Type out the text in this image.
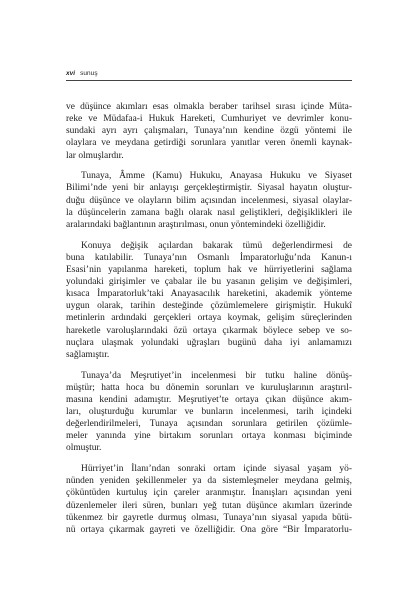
xvi sunuş
ve düşünce akımları esas olmakla beraber tarihsel sırası içinde Müta-
reke ve Müdafaa-i Hukuk Hareketi, Cumhuriyet ve devrimler konu-
sundaki ayrı ayrı çalışmaları, Tunaya’nın kendine özgü yöntemi ile
olaylara ve meydana getirdiği sorunlara yanıtlar veren önemli kaynak-
lar olmuşlardır.
Tunaya, Âmme (Kamu) Hukuku, Anayasa Hukuku ve Siyaset
Bilimi’nde yeni bir anlayışı gerçekleştirmiştir. Siyasal hayatın oluştur-
duğu düşünce ve olayların bilim açısından incelenmesi, siyasal olaylar-
la düşüncelerin zamana bağlı olarak nasıl geliştikleri, değişiklikleri ile
aralarındaki bağlantının araştırılması, onun yöntemindeki özelliğidir.
Konuya değişik açılardan bakarak tümü değerlendirmesi de
buna katılabilir. Tunaya’nın Osmanlı İmparatorluğu’nda Kanun-ı
Esasi’nin yapılanma hareketi, toplum hak ve hürriyetlerini sağlama
yolundaki girişimler ve çabalar ile bu yasanın gelişim ve değişimleri,
kısaca İmparatorluk’taki Anayasacılık hareketini, akademik yönteme
uygun olarak, tarihin desteğinde çözümlemelere girişmiştir. Hukukî
metinlerin ardındaki gerçekleri ortaya koymak, gelişim süreçlerinden
hareketle varoluşlarındaki özü ortaya çıkarmak böylece sebep ve so-
nuçlara ulaşmak yolundaki uğraşları bugünü daha iyi anlamamızı
sağlamıştır.
Tunaya’da Meşrutiyet’in incelenmesi bir tutku haline dönüş-
müştür; hatta hoca bu dönemin sorunları ve kuruluşlarının araştırıl-
masına kendini adamıştır. Meşrutiyet’te ortaya çıkan düşünce akım-
ları, oluşturduğu kurumlar ve bunların incelenmesi, tarih içindeki
değerlendirilmeleri, Tunaya açısından sorunlara getirilen çözümle-
meler yanında yine birtakım sorunları ortaya konması biçiminde
olmuştur.
Hürriyet’in İlanı’ndan sonraki ortam içinde siyasal yaşam yö-
nünden yeniden şekillenmeler ya da sistemleşmeler meydana gelmiş,
çöküntüden kurtuluş için çareler aranmıştır. İnanışları açısından yeni
düzenlemeler ileri süren, bunları yeğ tutan düşünce akımları üzerinde
tükenmez bir gayretle durmuş olması, Tunaya’nın siyasal yapıda bütü-
nü ortaya çıkarmak gayreti ve özelliğidir. Ona göre “Bir İmparatorlu-
